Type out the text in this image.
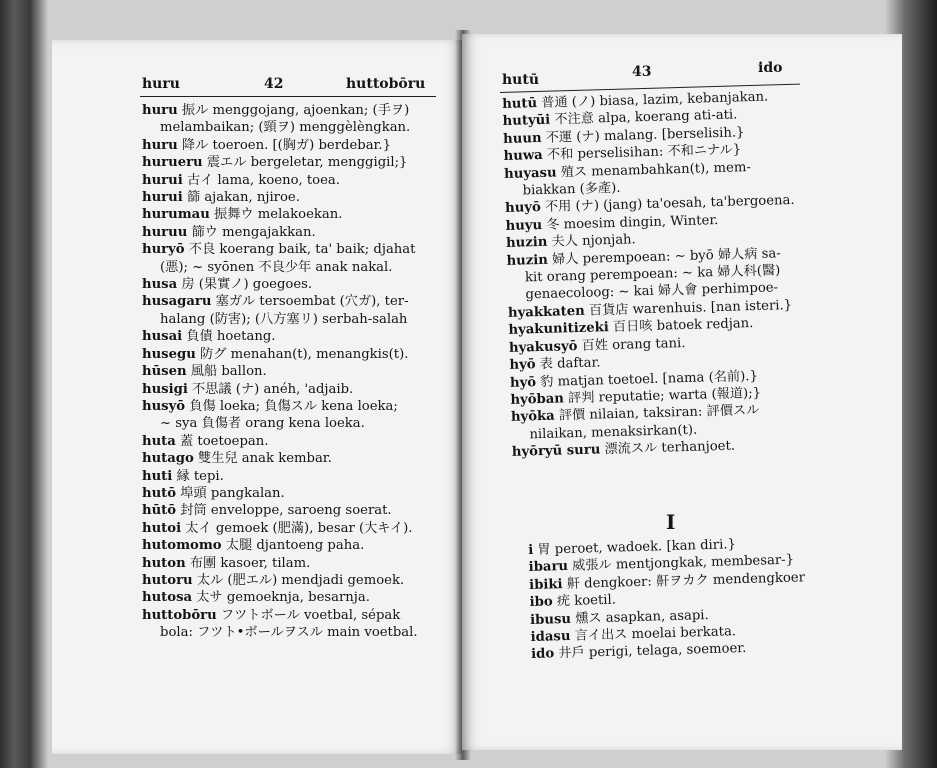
huru	42	huttobōru
huru 振ル menggojang, ajoenkan; (手ヲ)
melambaikan; (頸ヲ) menggèlèngkan.
huru 降ル toeroen. [(胸ガ) berdebar.}
hurueru 震エル bergeletar, menggigil;}
hurui 古イ lama, koeno, toea.
hurui 篩 ajakan, njiroe.
hurumau 振舞ウ melakoekan.
huruu 篩ウ mengajakkan.
huryō 不良 koerang baik, ta' baik; djahat
(悪); ~ syōnen 不良少年 anak nakal.
husa 房 (果實ノ) goegoes.
husagaru 塞ガル tersoembat (穴ガ), ter-
halang (防害); (八方塞リ) serbah-salah
husai 負債 hoetang.
husegu 防グ menahan(t), menangkis(t).
hūsen 風船 ballon.
husigi 不思議 (ナ) anéh, 'adjaib.
husyō 負傷 loeka; 負傷スル kena loeka;
~ sya 負傷者 orang kena loeka.
huta 蓋 toetoepan.
hutago 雙生兒 anak kembar.
huti 縁 tepi.
hutō 埠頭 pangkalan.
hūtō 封筒 enveloppe, saroeng soerat.
hutoi 太イ gemoek (肥滿), besar (大キイ).
hutomomo 太腿 djantoeng paha.
huton 布團 kasoer, tilam.
hutoru 太ル (肥エル) mendjadi gemoek.
hutosa 太サ gemoeknja, besarnja.
huttobōru フツトボール voetbal, sépak
bola: フツト•ボールヲスル main voetbal.
hutū	43	ido
hutū 普通 (ノ) biasa, lazim, kebanjakan.
hutyūi 不注意 alpa, koerang ati-ati.
huun 不運 (ナ) malang. [berselisih.}
huwa 不和 perselisihan: 不和ニナル}
huyasu 殖ス menambahkan(t), mem-
biakkan (多產).
huyō 不用 (ナ) (jang) ta'oesah, ta'bergoena.
huyu 冬 moesim dingin, Winter.
huzin 夫人 njonjah.
huzin 婦人 perempoean: ~ byō 婦人病 sa-
kit orang perempoean: ~ ka 婦人科(醫)
genaecoloog: ~ kai 婦人會 perhimpoe-
hyakkaten 百貨店 warenhuis. [nan isteri.}
hyakunitizeki 百日咳 batoek redjan.
hyakusyō 百姓 orang tani.
hyō 表 daftar.
hyō 豹 matjan toetoel. [nama (名前).}
hyōban 評判 reputatie; warta (報道);}
hyōka 評價 nilaian, taksiran: 評價スル
nilaikan, menaksirkan(t).
hyōryū suru 漂流スル terhanjoet.
I
i 胃 peroet, wadoek. [kan diri.}
ibaru 威張ル mentjongkak, membesar-}
ibiki 鼾 dengkoer: 鼾ヲカク mendengkoer
ibo 疣 koetil.
ibusu 燻ス asapkan, asapi.
idasu 言イ出ス moelai berkata.
ido 井戶 perigi, telaga, soemoer.
